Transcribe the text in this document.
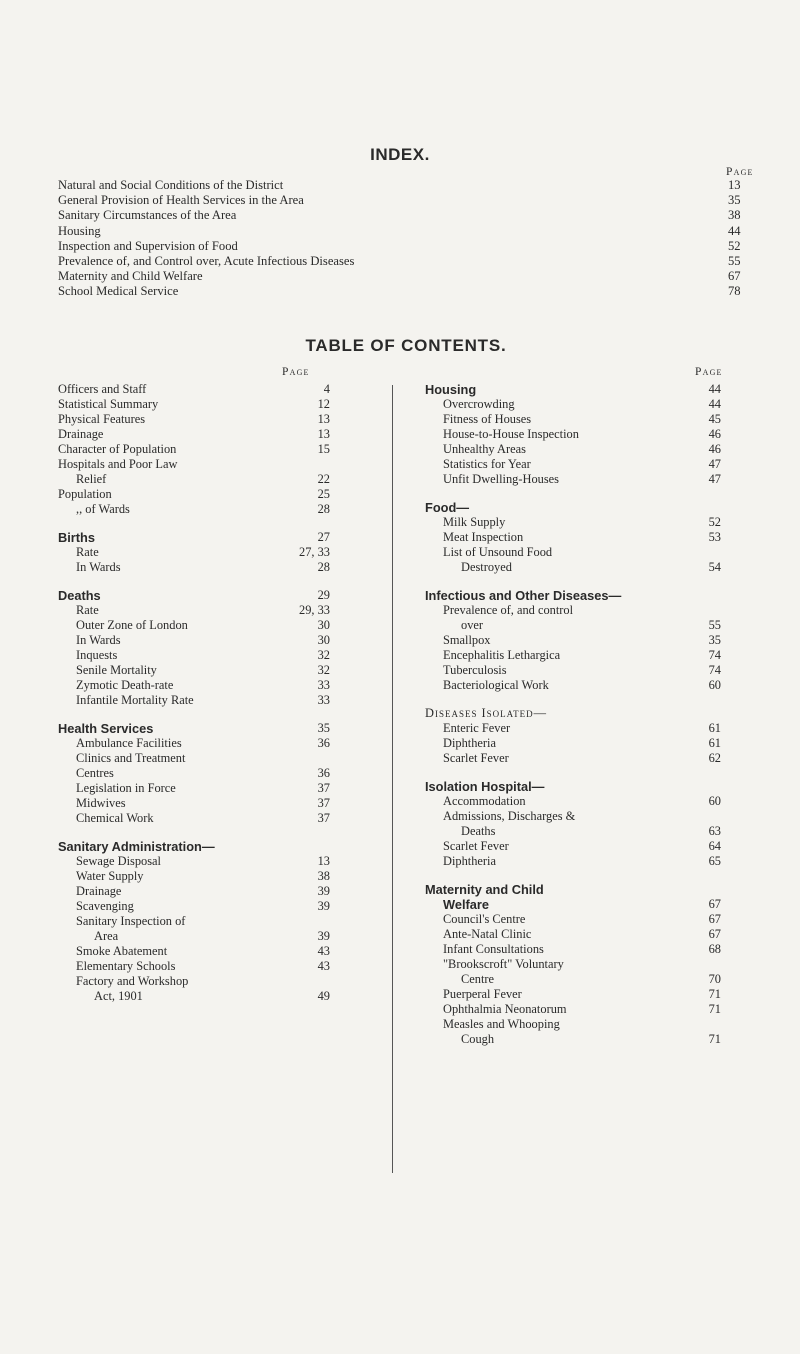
INDEX.
Page
Natural and Social Conditions of the District	13
General Provision of Health Services in the Area	35
Sanitary Circumstances of the Area	38
Housing	44
Inspection and Supervision of Food	52
Prevalence of, and Control over, Acute Infectious Diseases	55
Maternity and Child Welfare	67
School Medical Service	78
TABLE OF CONTENTS.
Page
Officers and Staff	4
Statistical Summary	12
Physical Features	13
Drainage	13
Character of Population	15
Hospitals and Poor Law
Relief	22
Population	25
,, of Wards	28
Births	27
Rate	27, 33
In Wards	28
Deaths	29
Rate	29, 33
Outer Zone of London	30
In Wards	30
Inquests	32
Senile Mortality	32
Zymotic Death-rate	33
Infantile Mortality Rate	33
Health Services	35
Ambulance Facilities	36
Clinics and Treatment
Centres	36
Legislation in Force	37
Midwives	37
Chemical Work	37
Sanitary Administration—
Sewage Disposal	13
Water Supply	38
Drainage	39
Scavenging	39
Sanitary Inspection of
Area	39
Smoke Abatement	43
Elementary Schools	43
Factory and Workshop
Act, 1901	49
Page
Housing	44
Overcrowding	44
Fitness of Houses	45
House-to-House Inspection	46
Unhealthy Areas	46
Statistics for Year	47
Unfit Dwelling-Houses	47
Food—
Milk Supply	52
Meat Inspection	53
List of Unsound Food
Destroyed	54
Infectious and Other Diseases—
Prevalence of, and control
over	55
Smallpox	35
Encephalitis Lethargica	74
Tuberculosis	74
Bacteriological Work	60
Diseases Isolated—
Enteric Fever	61
Diphtheria	61
Scarlet Fever	62
Isolation Hospital—
Accommodation	60
Admissions, Discharges &
Deaths	63
Scarlet Fever	64
Diphtheria	65
Maternity and Child
Welfare	67
Council's Centre	67
Ante-Natal Clinic	67
Infant Consultations	68
"Brookscroft" Voluntary
Centre	70
Puerperal Fever	71
Ophthalmia Neonatorum	71
Measles and Whooping
Cough	71
